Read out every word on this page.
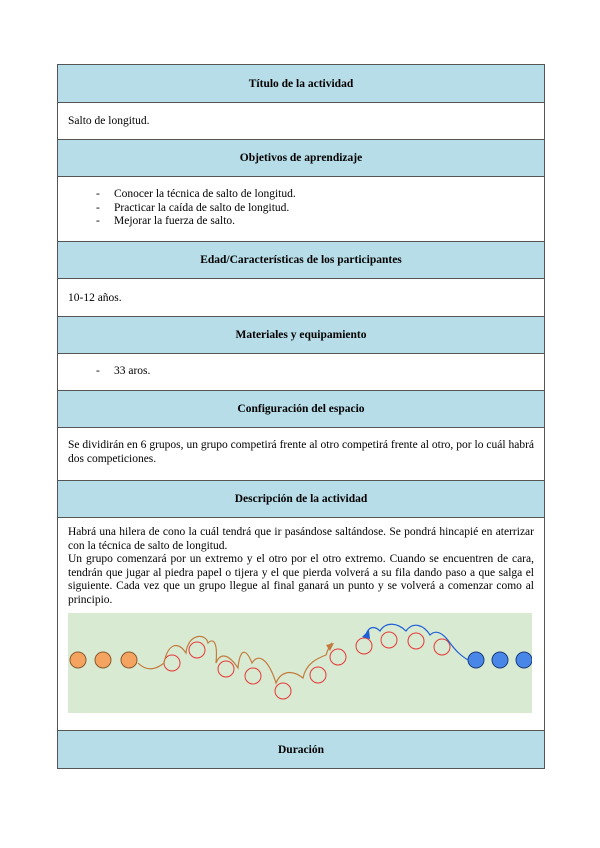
Título de la actividad
Salto de longitud.
Objetivos de aprendizaje
- Conocer la técnica de salto de longitud.
- Practicar la caída de salto de longitud.
- Mejorar la fuerza de salto.
Edad/Características de los participantes
10-12 años.
Materiales y equipamiento
- 33 aros.
Configuración del espacio
Se dividirán en 6 grupos, un grupo competirá frente al otro competirá frente al otro, por lo cuál habrá dos competiciones.
Descripción de la actividad
Habrá una hilera de cono la cuál tendrá que ir pasándose saltándose. Se pondrá hincapié en aterrizar con la técnica de salto de longitud.
Un grupo comenzará por un extremo y el otro por el otro extremo. Cuando se encuentren de cara, tendrán que jugar al piedra papel o tijera y el que pierda volverá a su fila dando paso a que salga el siguiente. Cada vez que un grupo llegue al final ganará un punto y se volverá a comenzar como al principio.
Duración
